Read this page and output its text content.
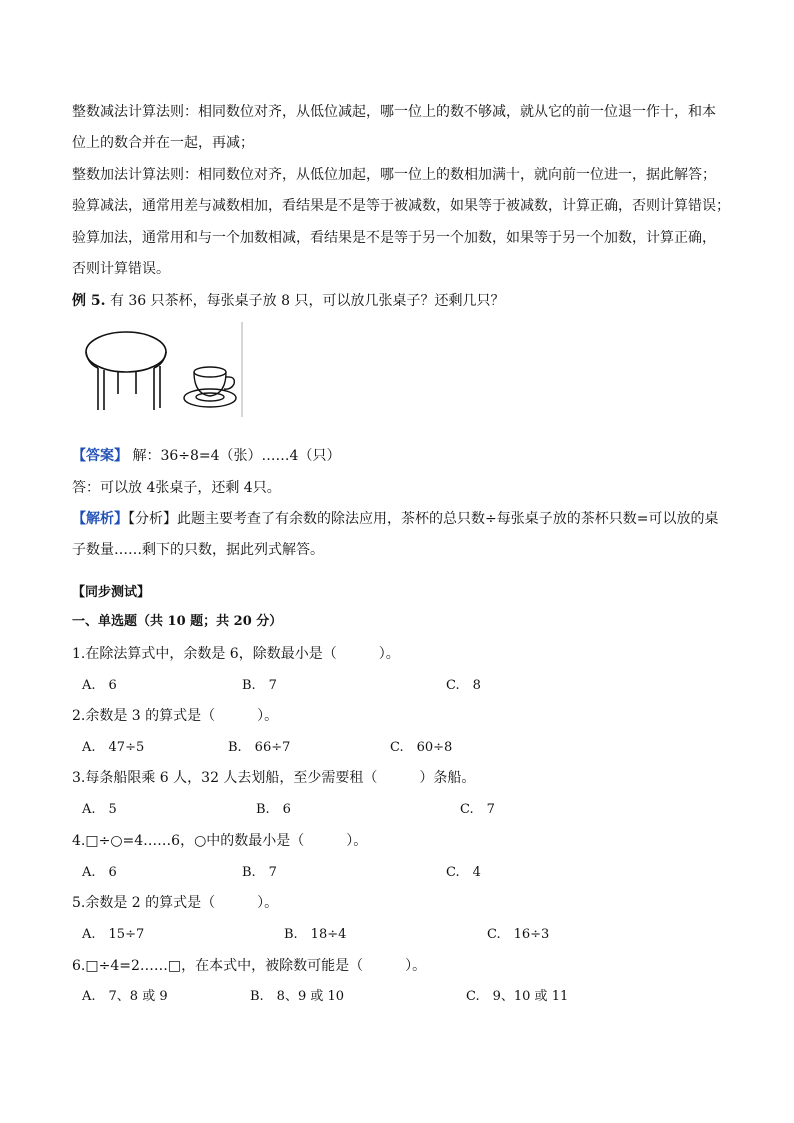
整数减法计算法则：相同数位对齐，从低位减起，哪一位上的数不够减，就从它的前一位退一作十，和本
位上的数合并在一起，再减；
整数加法计算法则：相同数位对齐，从低位加起，哪一位上的数相加满十，就向前一位进一，据此解答；
验算减法，通常用差与减数相加，看结果是不是等于被减数，如果等于被减数，计算正确，否则计算错误；
验算加法，通常用和与一个加数相减，看结果是不是等于另一个加数，如果等于另一个加数，计算正确，
否则计算错误。
例 5. 有 36 只茶杯，每张桌子放 8 只，可以放几张桌子？还剩几只？
【答案】 解：36÷8=4（张）……4（只）
答：可以放 4张桌子，还剩 4只。
【解析】【分析】此题主要考查了有余数的除法应用，茶杯的总只数÷每张桌子放的茶杯只数=可以放的桌
子数量……剩下的只数，据此列式解答。
【同步测试】
一、单选题（共 10 题；共 20 分）
1.在除法算式中，余数是 6，除数最小是（　　　）。
A.　6	B.　7	C.　8
2.余数是 3 的算式是（　　　）。
A.　47÷5	B.　66÷7	C.　60÷8
3.每条船限乘 6 人，32 人去划船，至少需要租（　　　）条船。
A.　5	B.　6	C.　7
4.□÷○=4……6，○中的数最小是（　　　）。
A.　6	B.　7	C.　4
5.余数是 2 的算式是（　　　）。
A.　15÷7	B.　18÷4	C.　16÷3
6.□÷4=2……□，在本式中，被除数可能是（　　　）。
A.　7、8 或 9	B.　8、9 或 10	C.　9、10 或 11
